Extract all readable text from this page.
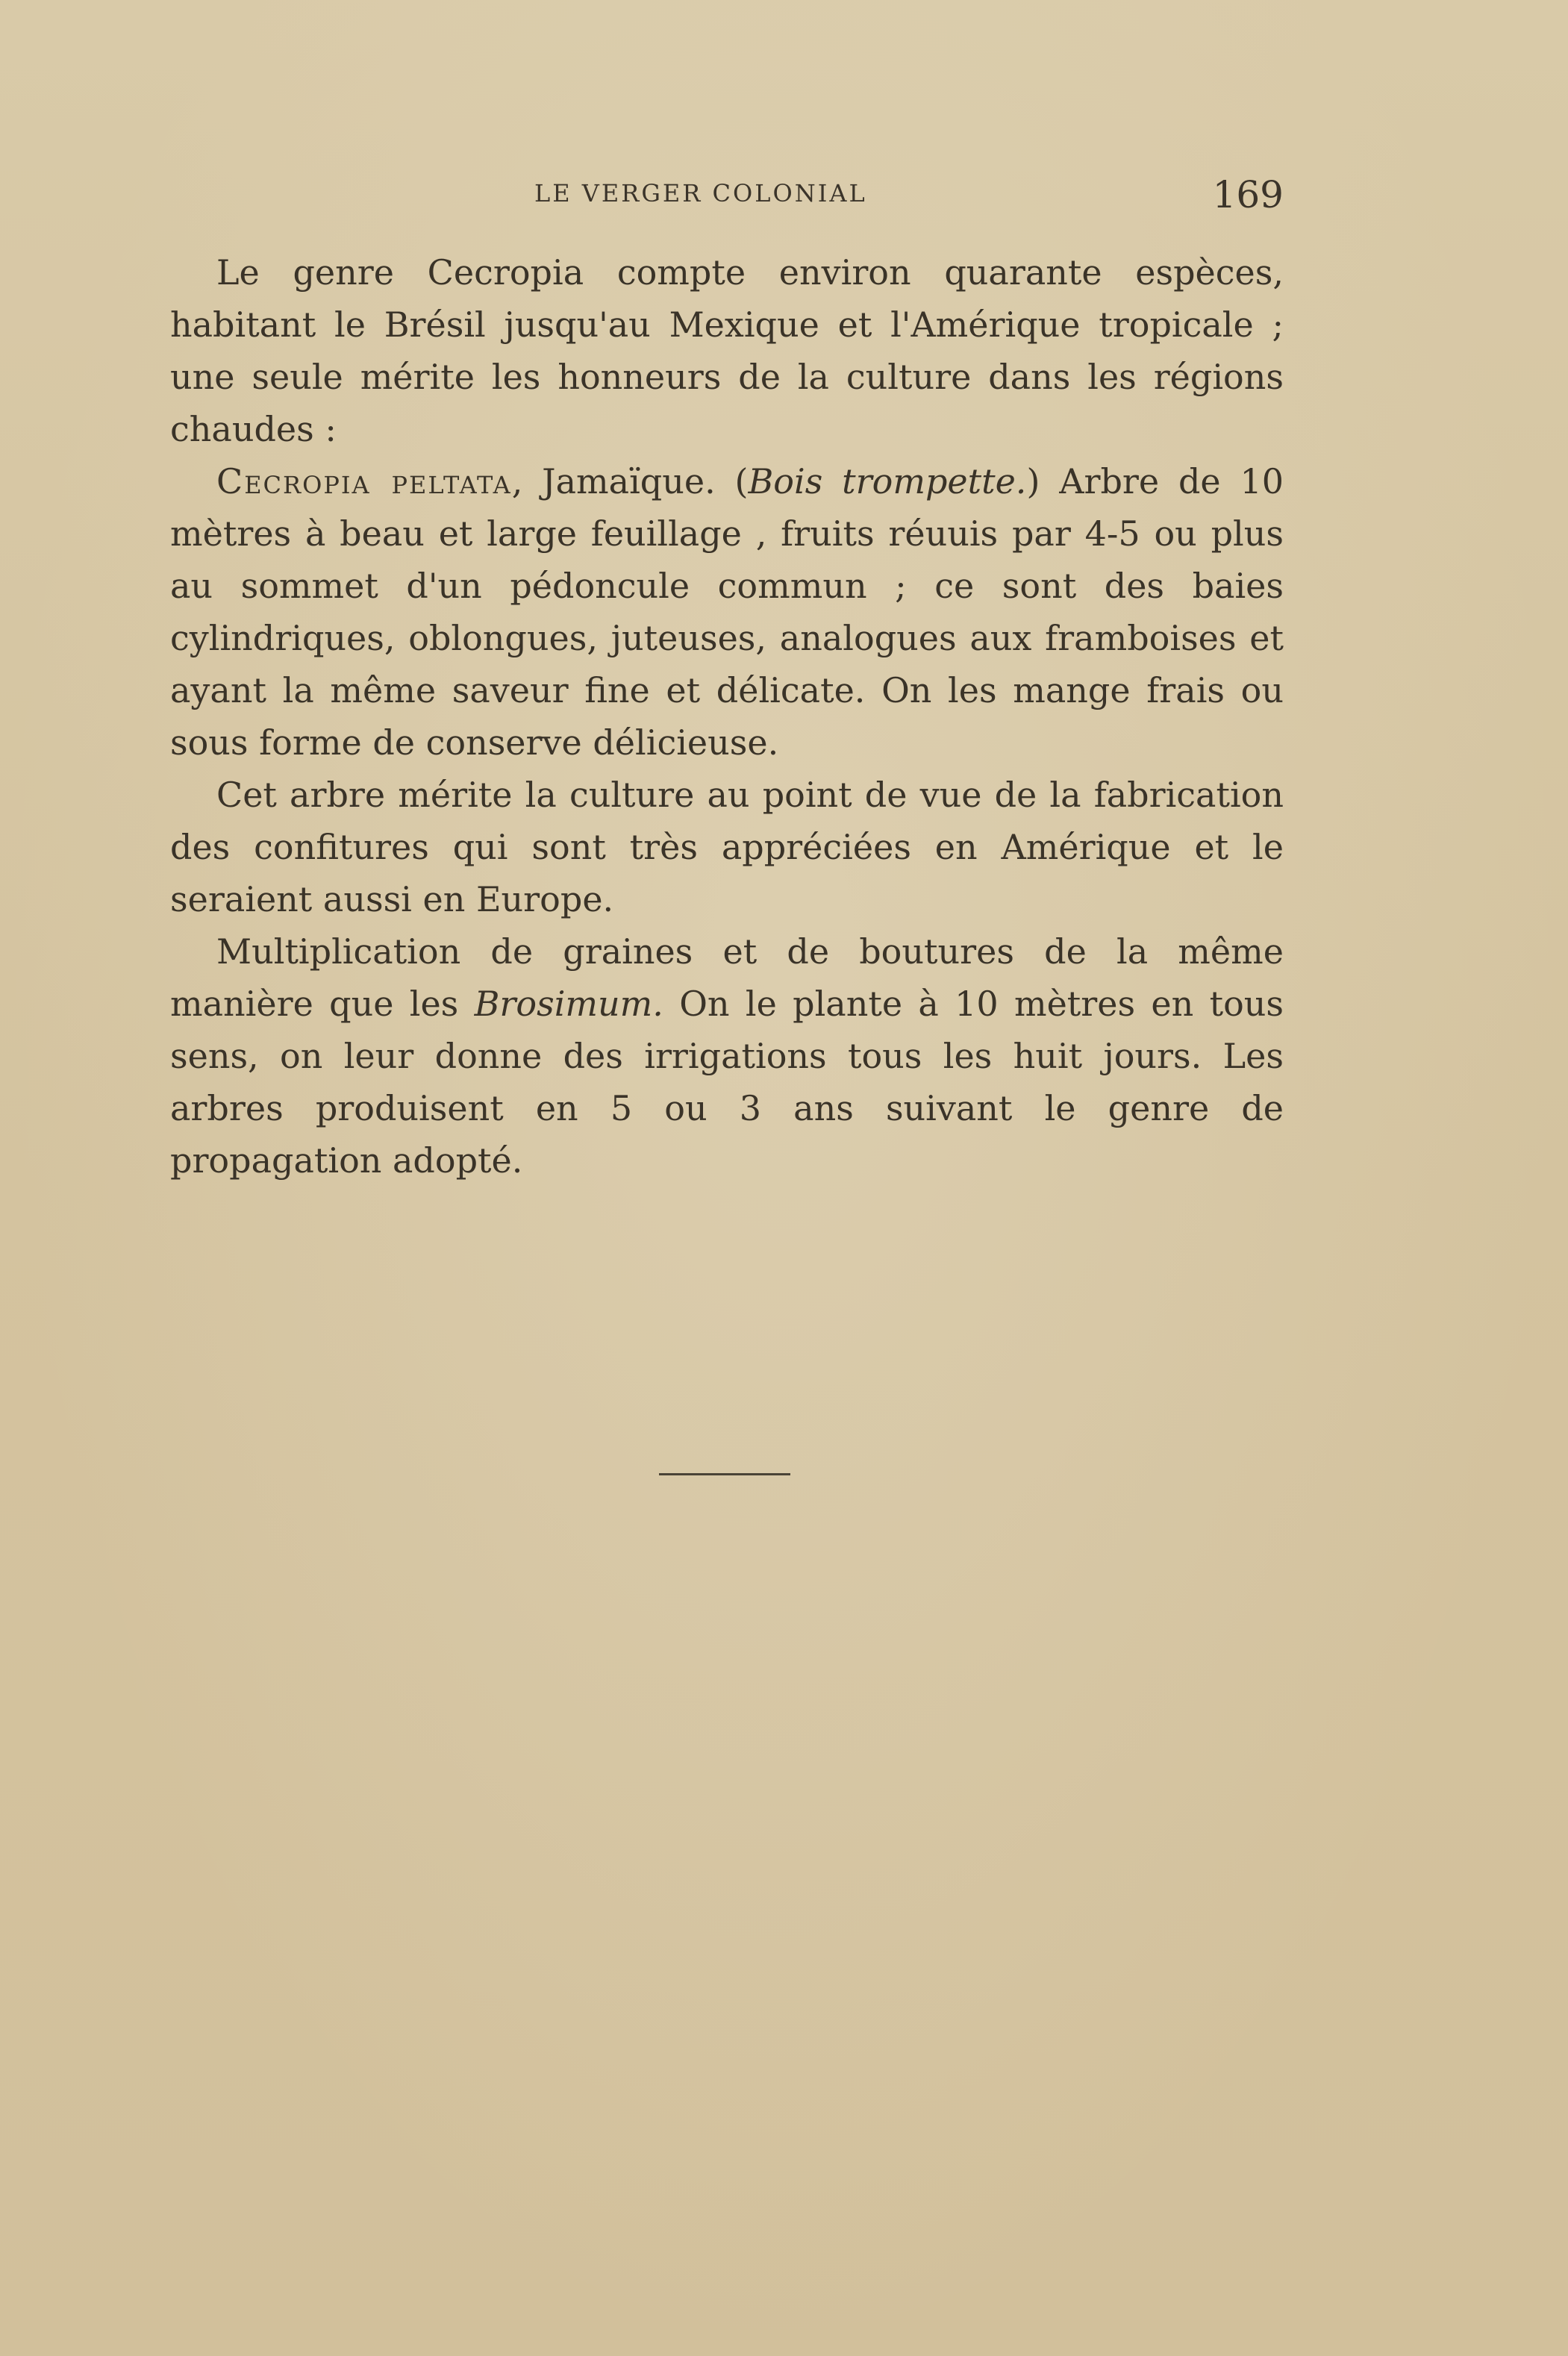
LE VERGER COLONIAL	169

Le genre Cecropia compte environ quarante espèces, habitant le Brésil jusqu'au Mexique et l'Amérique tropicale ; une seule mérite les honneurs de la culture dans les régions chaudes :

Cecropia peltata, Jamaïque. (Bois trompette.) Arbre de 10 mètres à beau et large feuillage , fruits réuuis par 4-5 ou plus au sommet d'un pédoncule commun ; ce sont des baies cylindriques, oblongues, juteuses, analogues aux framboises et ayant la même saveur fine et délicate. On les mange frais ou sous forme de conserve délicieuse.

Cet arbre mérite la culture au point de vue de la fabrication des confitures qui sont très appréciées en Amérique et le seraient aussi en Europe.

Multiplication de graines et de boutures de la même manière que les Brosimum. On le plante à 10 mètres en tous sens, on leur donne des irrigations tous les huit jours. Les arbres produisent en 5 ou 3 ans suivant le genre de propagation adopté.
